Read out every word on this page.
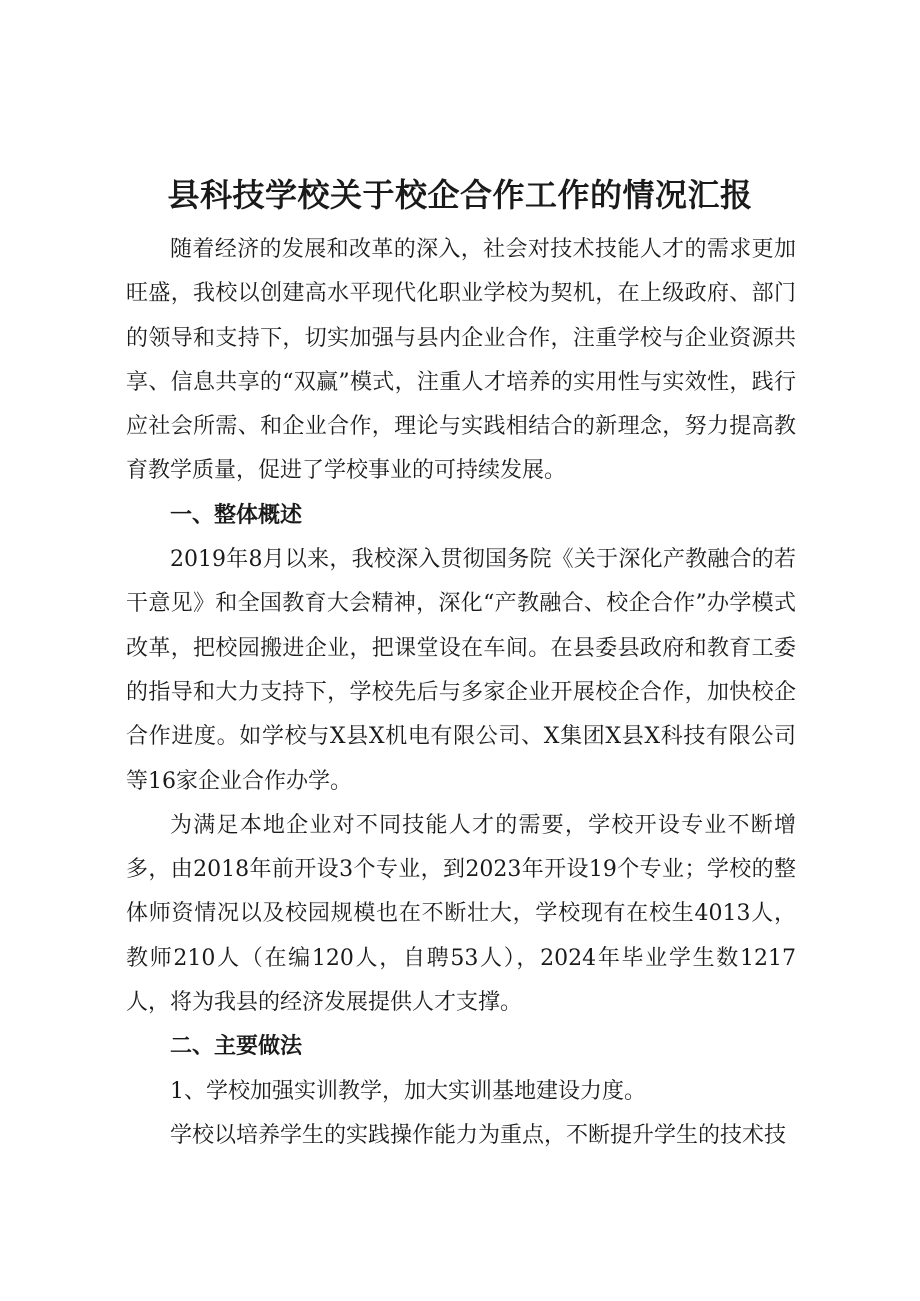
县科技学校关于校企合作工作的情况汇报

随着经济的发展和改革的深入，社会对技术技能人才的需求更加旺盛，我校以创建高水平现代化职业学校为契机，在上级政府、部门的领导和支持下，切实加强与县内企业合作，注重学校与企业资源共享、信息共享的“双赢”模式，注重人才培养的实用性与实效性，践行应社会所需、和企业合作，理论与实践相结合的新理念，努力提高教育教学质量，促进了学校事业的可持续发展。

一、整体概述

2019年8月以来，我校深入贯彻国务院《关于深化产教融合的若干意见》和全国教育大会精神，深化“产教融合、校企合作”办学模式改革，把校园搬进企业，把课堂设在车间。在县委县政府和教育工委的指导和大力支持下，学校先后与多家企业开展校企合作，加快校企合作进度。如学校与X县X机电有限公司、X集团X县X科技有限公司等16家企业合作办学。

为满足本地企业对不同技能人才的需要，学校开设专业不断增多，由2018年前开设3个专业，到2023年开设19个专业；学校的整体师资情况以及校园规模也在不断壮大，学校现有在校生4013人，教师210人（在编120人，自聘53人），2024年毕业学生数1217人，将为我县的经济发展提供人才支撑。

二、主要做法

1、学校加强实训教学，加大实训基地建设力度。

学校以培养学生的实践操作能力为重点，不断提升学生的技术技
